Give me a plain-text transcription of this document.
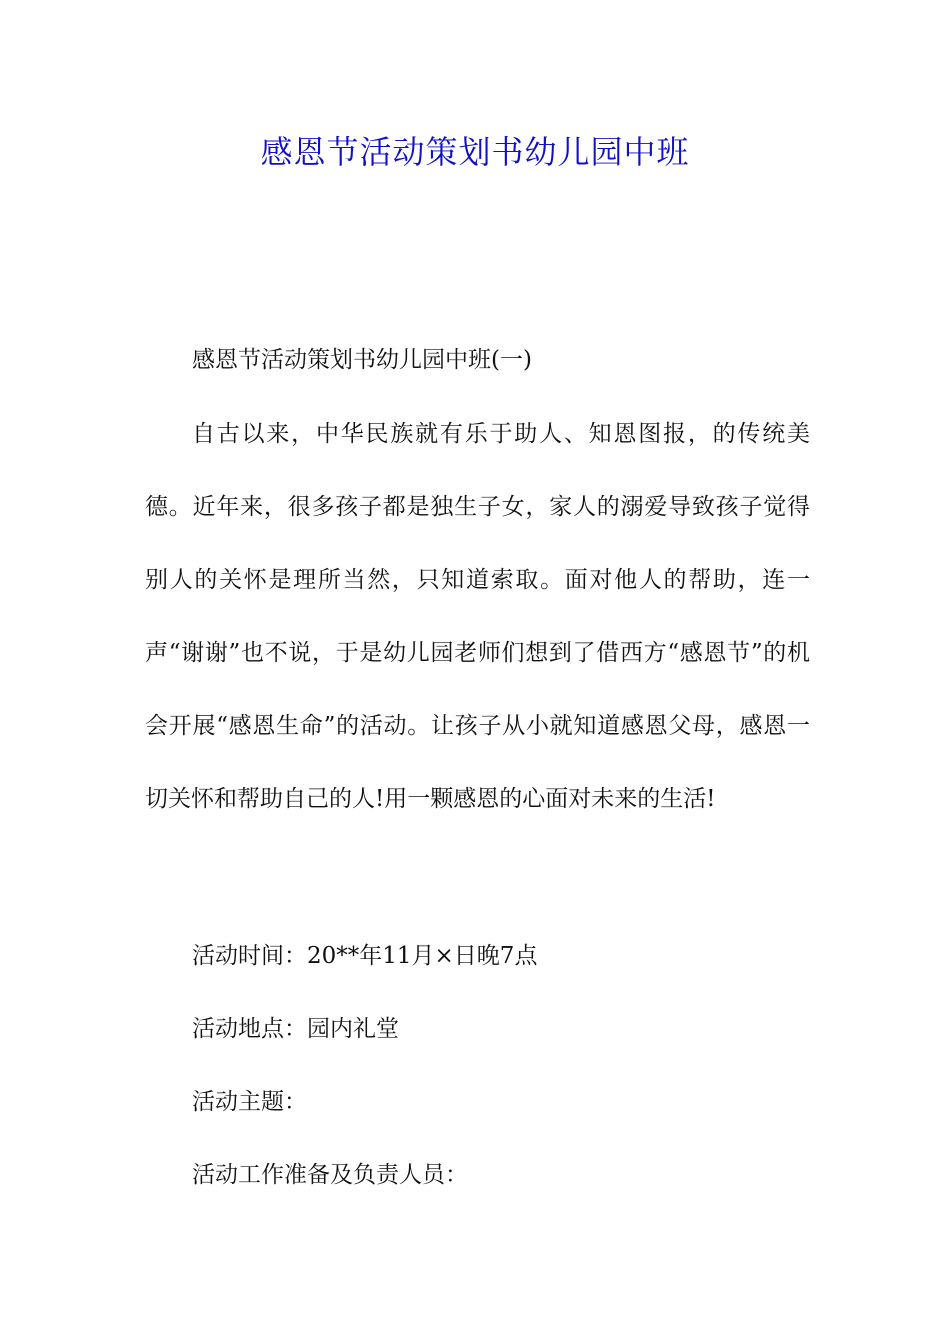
感恩节活动策划书幼儿园中班

感恩节活动策划书幼儿园中班(一)

自古以来，中华民族就有乐于助人、知恩图报，的传统美德。近年来，很多孩子都是独生子女，家人的溺爱导致孩子觉得别人的关怀是理所当然，只知道索取。面对他人的帮助，连一声“谢谢”也不说，于是幼儿园老师们想到了借西方“感恩节”的机会开展“感恩生命”的活动。让孩子从小就知道感恩父母，感恩一切关怀和帮助自己的人!用一颗感恩的心面对未来的生活!

活动时间：20**年11月×日晚7点

活动地点：园内礼堂

活动主题：

活动工作准备及负责人员：
